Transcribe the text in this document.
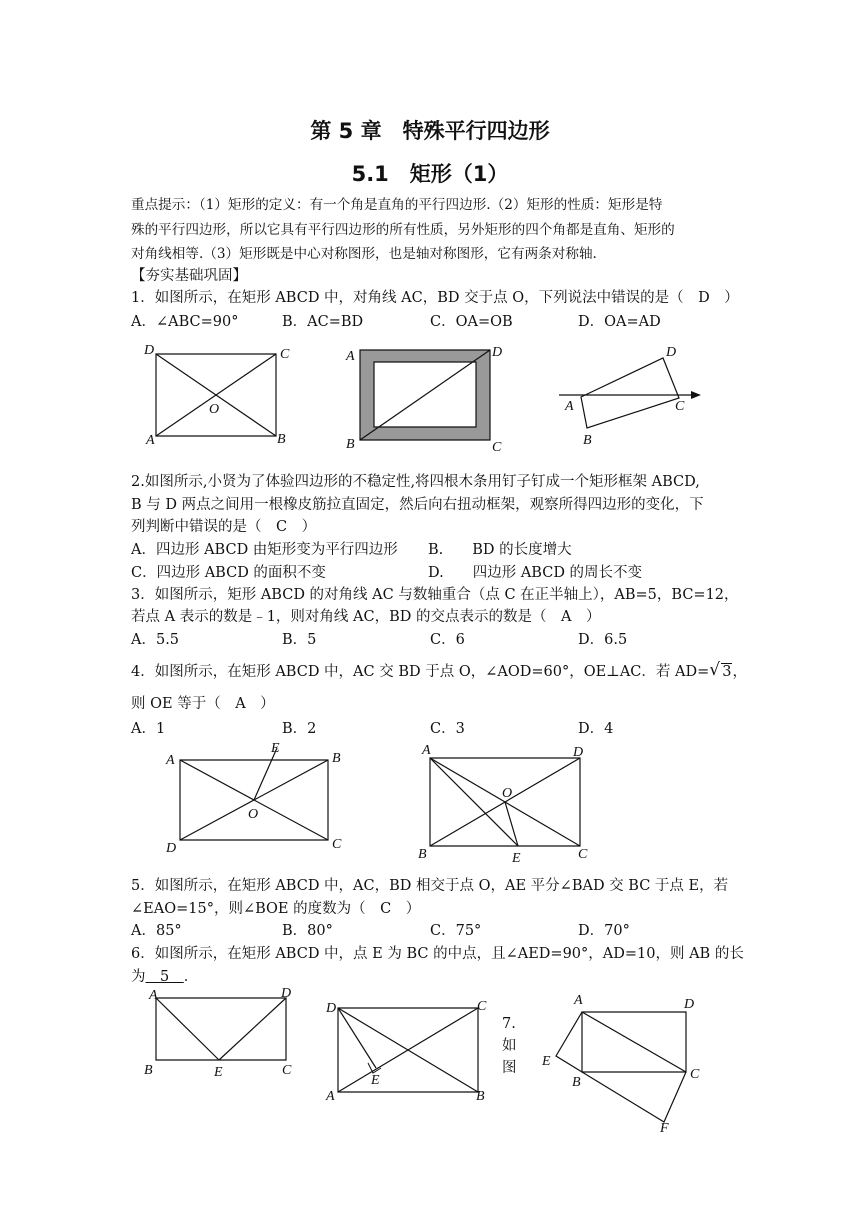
第 5 章　特殊平行四边形
5.1　矩形（1）
重点提示：（1）矩形的定义：有一个角是直角的平行四边形.（2）矩形的性质：矩形是特
殊的平行四边形，所以它具有平行四边形的所有性质，另外矩形的四个角都是直角、矩形的
对角线相等.（3）矩形既是中心对称图形，也是轴对称图形，它有两条对称轴.
【夯实基础巩固】
1．如图所示，在矩形 ABCD 中，对角线 AC，BD 交于点 O，下列说法中错误的是（　D　）
A．∠ABC=90°	B．AC=BD	C．OA=OB	D．OA=AD
D	C
O
A	B
A	D
B	C
D
A	C
B
2.如图所示,小贤为了体验四边形的不稳定性,将四根木条用钉子钉成一个矩形框架 ABCD,
B 与 D 两点之间用一根橡皮筋拉直固定，然后向右扭动框架，观察所得四边形的变化，下
列判断中错误的是（　C　）
A．四边形 ABCD 由矩形变为平行四边形 B.　　BD 的长度增大
C．四边形 ABCD 的面积不变	D.　　四边形 ABCD 的周长不变
3．如图所示，矩形 ABCD 的对角线 AC 与数轴重合（点 C 在正半轴上），AB=5，BC=12，
若点 A 表示的数是﹣1，则对角线 AC，BD 的交点表示的数是（　A　）
A．5.5	B．5	C．6	D．6.5
4．如图所示，在矩形 ABCD 中，AC 交 BD 于点 O，∠AOD=60°，OE⊥AC．若 AD=√ 3，
则 OE 等于（　A　）
A．1	B．2	C．3	D．4
A
E
B
O
D	C
A	D
O
B	E	C
5．如图所示，在矩形 ABCD 中，AC，BD 相交于点 O，AE 平分∠BAD 交 BC 于点 E，若
∠EAO=15°，则∠BOE 的度数为（　C　）
A．85°	B．80°	C．75°	D．70°
6．如图所示，在矩形 ABCD 中，点 E 为 BC 的中点，且∠AED=90°，AD=10，则 AB 的长
为　5　．
A	D
B	E	C
D	C
E
A	B
7.
如
图
A	D
E
B
C
F
